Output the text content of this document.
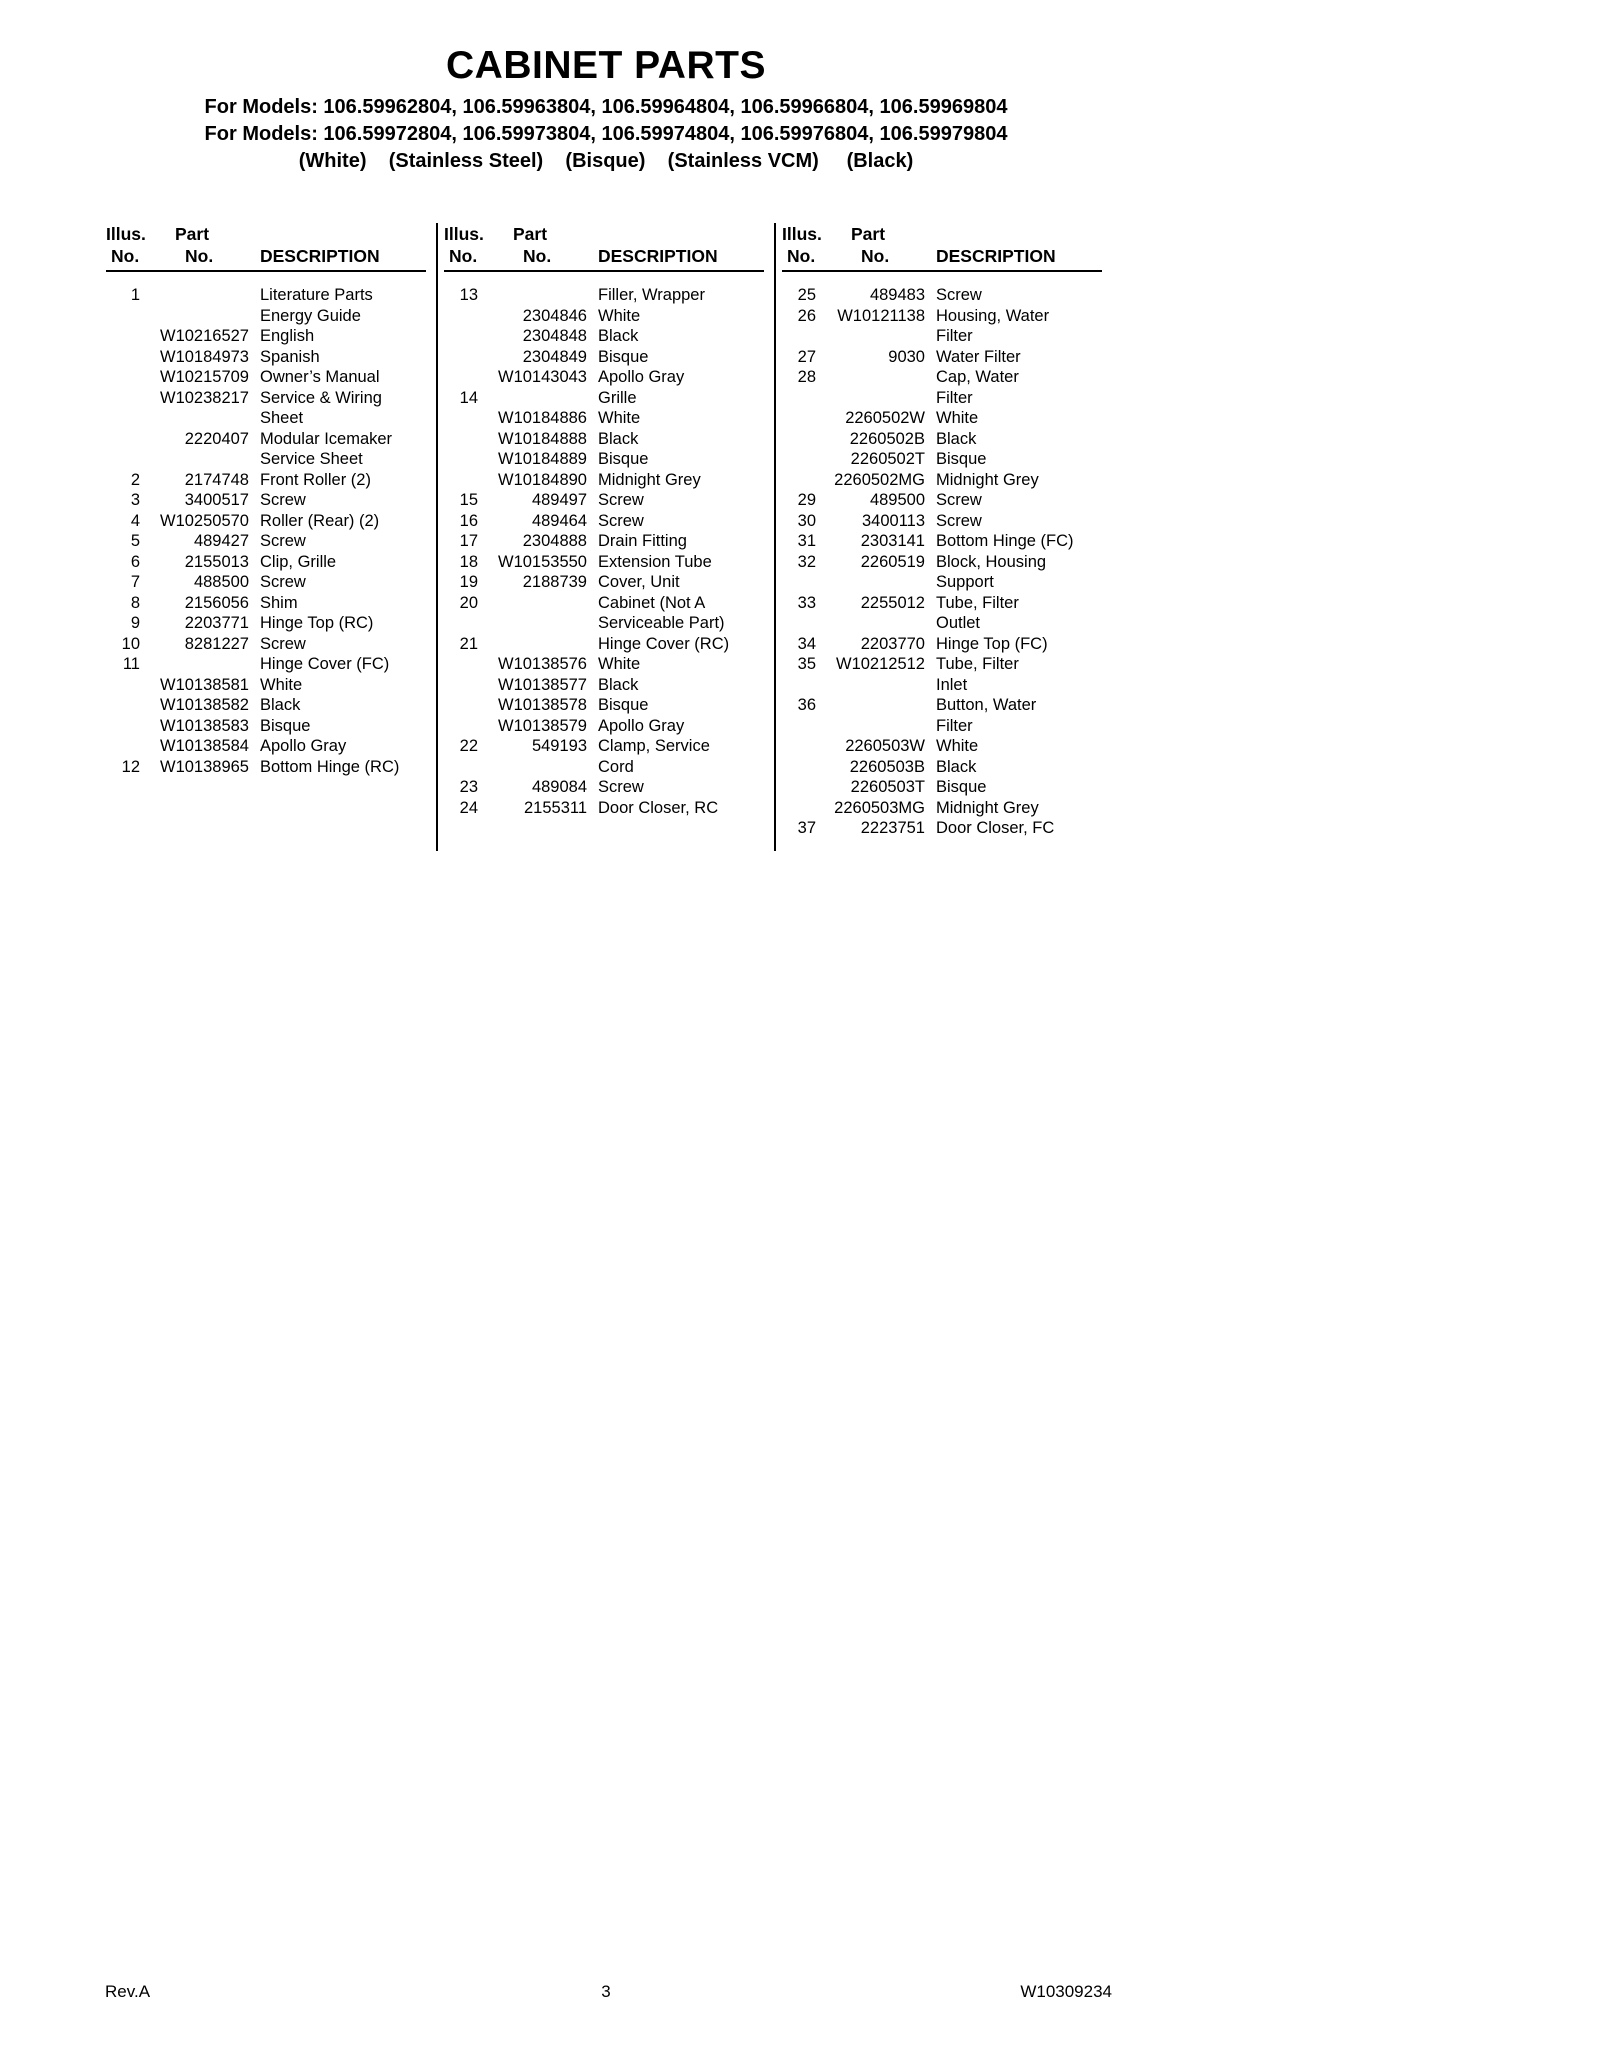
CABINET PARTS
For Models: 106.59962804, 106.59963804, 106.59964804, 106.59966804, 106.59969804
For Models: 106.59972804, 106.59973804, 106.59974804, 106.59976804, 106.59979804
(White)    (Stainless Steel)    (Bisque)    (Stainless VCM)     (Black)
Illus.	Part
No.	No.	DESCRIPTION
1	Literature Parts
Energy Guide
W10216527 English
W10184973 Spanish
W10215709 Owner’s Manual
W10238217 Service & Wiring
Sheet
2220407 Modular Icemaker
Service Sheet
2	2174748 Front Roller (2)
3	3400517 Screw
4	W10250570 Roller (Rear) (2)
5	489427 Screw
6	2155013 Clip, Grille
7	488500 Screw
8	2156056 Shim
9	2203771 Hinge Top (RC)
10	8281227 Screw
11	Hinge Cover (FC)
W10138581 White
W10138582 Black
W10138583 Bisque
W10138584 Apollo Gray
12	W10138965 Bottom Hinge (RC)
Illus.	Part
No.	No.	DESCRIPTION
13	Filler, Wrapper
2304846 White
2304848 Black
2304849 Bisque
W10143043 Apollo Gray
14	Grille
W10184886 White
W10184888 Black
W10184889 Bisque
W10184890 Midnight Grey
15	489497 Screw
16	489464 Screw
17	2304888 Drain Fitting
18	W10153550 Extension Tube
19	2188739 Cover, Unit
20	Cabinet (Not A
Serviceable Part)
21	Hinge Cover (RC)
W10138576 White
W10138577 Black
W10138578 Bisque
W10138579 Apollo Gray
22	549193 Clamp, Service
Cord
23	489084 Screw
24	2155311 Door Closer, RC
Illus.	Part
No.	No.	DESCRIPTION
25	489483 Screw
26	W10121138 Housing, Water
Filter
27	9030 Water Filter
28	Cap, Water
Filter
2260502W White
2260502B Black
2260502T Bisque
2260502MG Midnight Grey
29	489500 Screw
30	3400113 Screw
31	2303141 Bottom Hinge (FC)
32	2260519 Block, Housing
Support
33	2255012 Tube, Filter
Outlet
34	2203770 Hinge Top (FC)
35	W10212512 Tube, Filter
Inlet
36	Button, Water
Filter
2260503W White
2260503B Black
2260503T Bisque
2260503MG Midnight Grey
37	2223751 Door Closer, FC
Rev.A	3	W10309234
